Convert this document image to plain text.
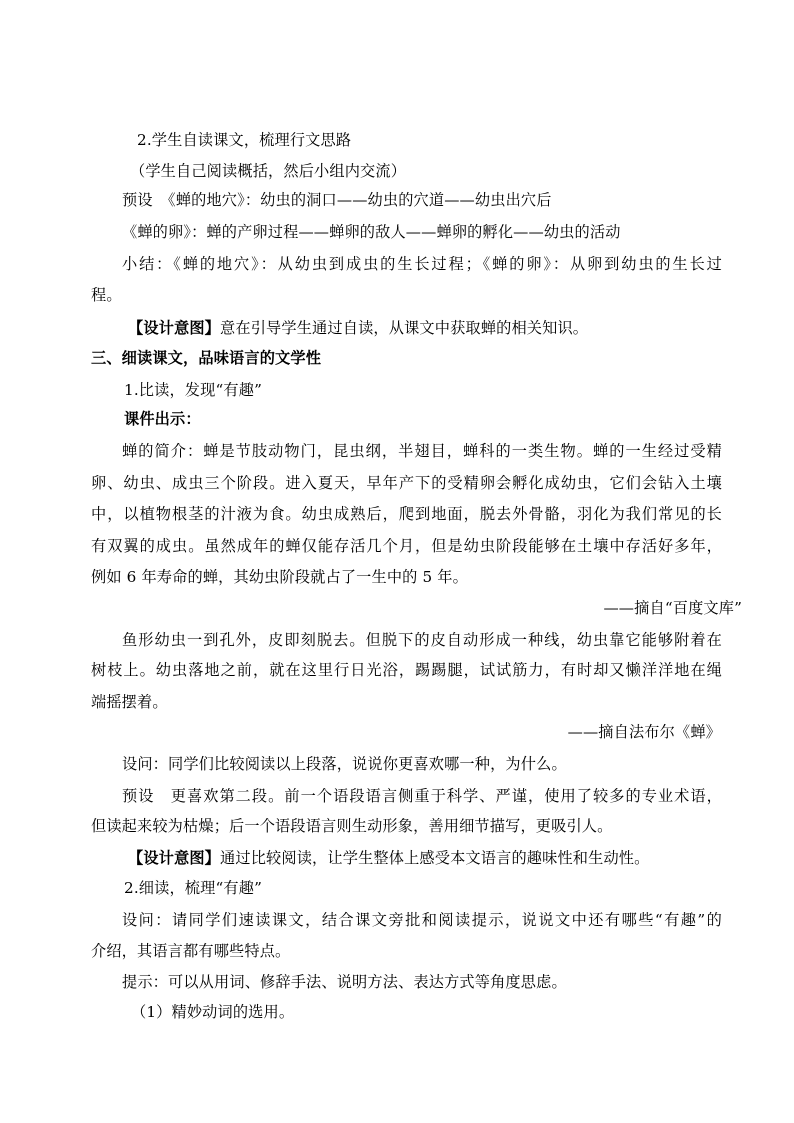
2.学生自读课文，梳理行文思路
（学生自己阅读概括，然后小组内交流）
预设　《蝉的地穴》：幼虫的洞口——幼虫的穴道——幼虫出穴后
《蝉的卵》：蝉的产卵过程——蝉卵的敌人——蝉卵的孵化——幼虫的活动
小结：《蝉的地穴》：从幼虫到成虫的生长过程；《蝉的卵》：从卵到幼虫的生长过
程。
【设计意图】意在引导学生通过自读，从课文中获取蝉的相关知识。
三、细读课文，品味语言的文学性
1.比读，发现“有趣”
课件出示：
蝉的简介：蝉是节肢动物门，昆虫纲，半翅目，蝉科的一类生物。蝉的一生经过受精
卵、幼虫、成虫三个阶段。进入夏天，早年产下的受精卵会孵化成幼虫，它们会钻入土壤
中，以植物根茎的汁液为食。幼虫成熟后，爬到地面，脱去外骨骼，羽化为我们常见的长
有双翼的成虫。虽然成年的蝉仅能存活几个月，但是幼虫阶段能够在土壤中存活好多年，
例如 6 年寿命的蝉，其幼虫阶段就占了一生中的 5 年。
——摘自“百度文库”
鱼形幼虫一到孔外，皮即刻脱去。但脱下的皮自动形成一种线，幼虫靠它能够附着在
树枝上。幼虫落地之前，就在这里行日光浴，踢踢腿，试试筋力，有时却又懒洋洋地在绳
端摇摆着。
——摘自法布尔《蝉》
设问：同学们比较阅读以上段落，说说你更喜欢哪一种，为什么。
预设　更喜欢第二段。前一个语段语言侧重于科学、严谨，使用了较多的专业术语，
但读起来较为枯燥；后一个语段语言则生动形象，善用细节描写，更吸引人。
【设计意图】通过比较阅读，让学生整体上感受本文语言的趣味性和生动性。
2.细读，梳理“有趣”
设问：请同学们速读课文，结合课文旁批和阅读提示，说说文中还有哪些“有趣”的
介绍，其语言都有哪些特点。
提示：可以从用词、修辞手法、说明方法、表达方式等角度思虑。
（1）精妙动词的选用。
